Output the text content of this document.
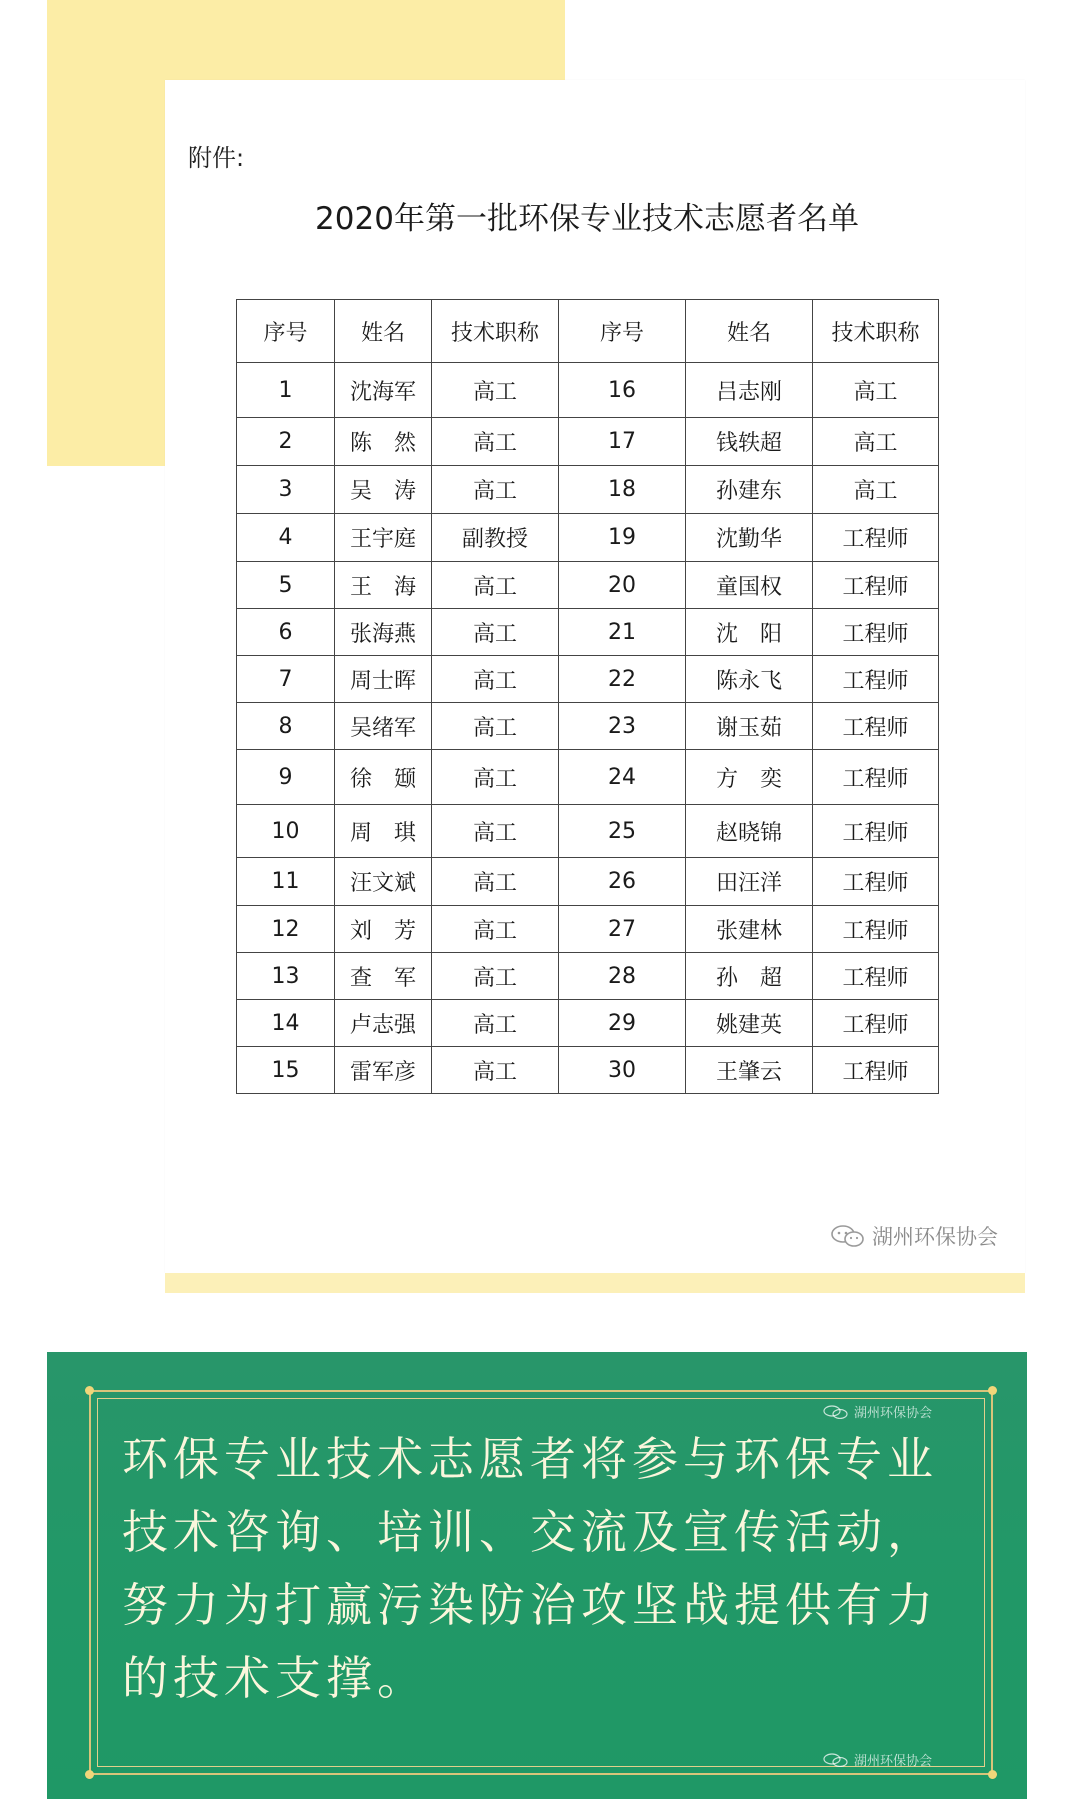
附件:
2020年第一批环保专业技术志愿者名单
序号	姓名	技术职称	序号	姓名	技术职称
1	沈海军	高工	16	吕志刚	高工
2	陈　然	高工	17	钱轶超	高工
3	吴　涛	高工	18	孙建东	高工
4	王宇庭	副教授	19	沈勤华	工程师
5	王　海	高工	20	童国权	工程师
6	张海燕	高工	21	沈　阳	工程师
7	周士晖	高工	22	陈永飞	工程师
8	吴绪军	高工	23	谢玉茹	工程师
9	徐　颋	高工	24	方　奕	工程师
10	周　琪	高工	25	赵晓锦	工程师
11	汪文斌	高工	26	田汪洋	工程师
12	刘　芳	高工	27	张建林	工程师
13	查　军	高工	28	孙　超	工程师
14	卢志强	高工	29	姚建英	工程师
15	雷军彦	高工	30	王肇云	工程师
湖州环保协会
湖州环保协会
环保专业技术志愿者将参与环保专业
技术咨询、培训、交流及宣传活动，
努力为打赢污染防治攻坚战提供有力
的技术支撑。
湖州环保协会
